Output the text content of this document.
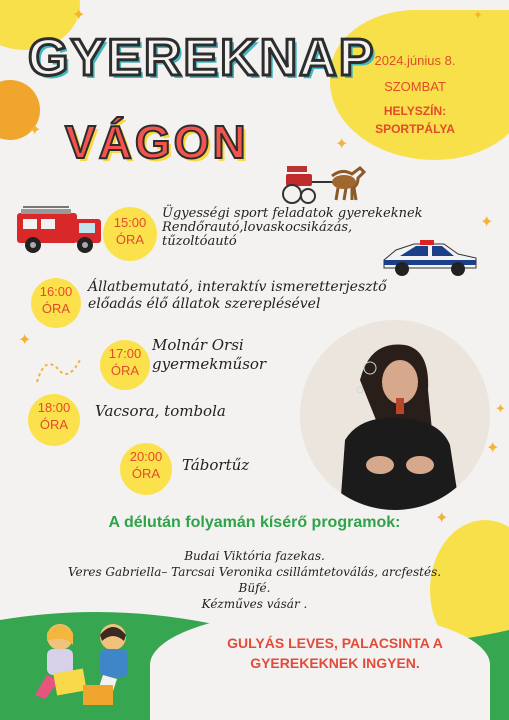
✦	✦
✦
✦
✦
✦
✦
✦
✦
GYEREKNAP
VÁGON
2024.június 8.
SZOMBAT
HELYSZÍN:
SPORTPÁLYA
15:00
ÓRA
Ügyességi sport feladatok gyerekeknek
Rendőrautó,lovaskocsikázás,
tűzoltóautó
16:00
ÓRA
Állatbemutató, interaktív ismeretterjesztő
előadás élő állatok szereplésével
17:00
ÓRA
Molnár Orsi
gyermekműsor
18:00
ÓRA
Vacsora, tombola
20:00
ÓRA	Tábortűz
A délután folyamán kísérő programok:
Budai Viktória fazekas.
Veres Gabriella– Tarcsai Veronika csillámtetoválás, arcfestés.
Büfé.
Kézműves vásár .
GULYÁS LEVES, PALACSINTA A
GYEREKEKNEK INGYEN.
